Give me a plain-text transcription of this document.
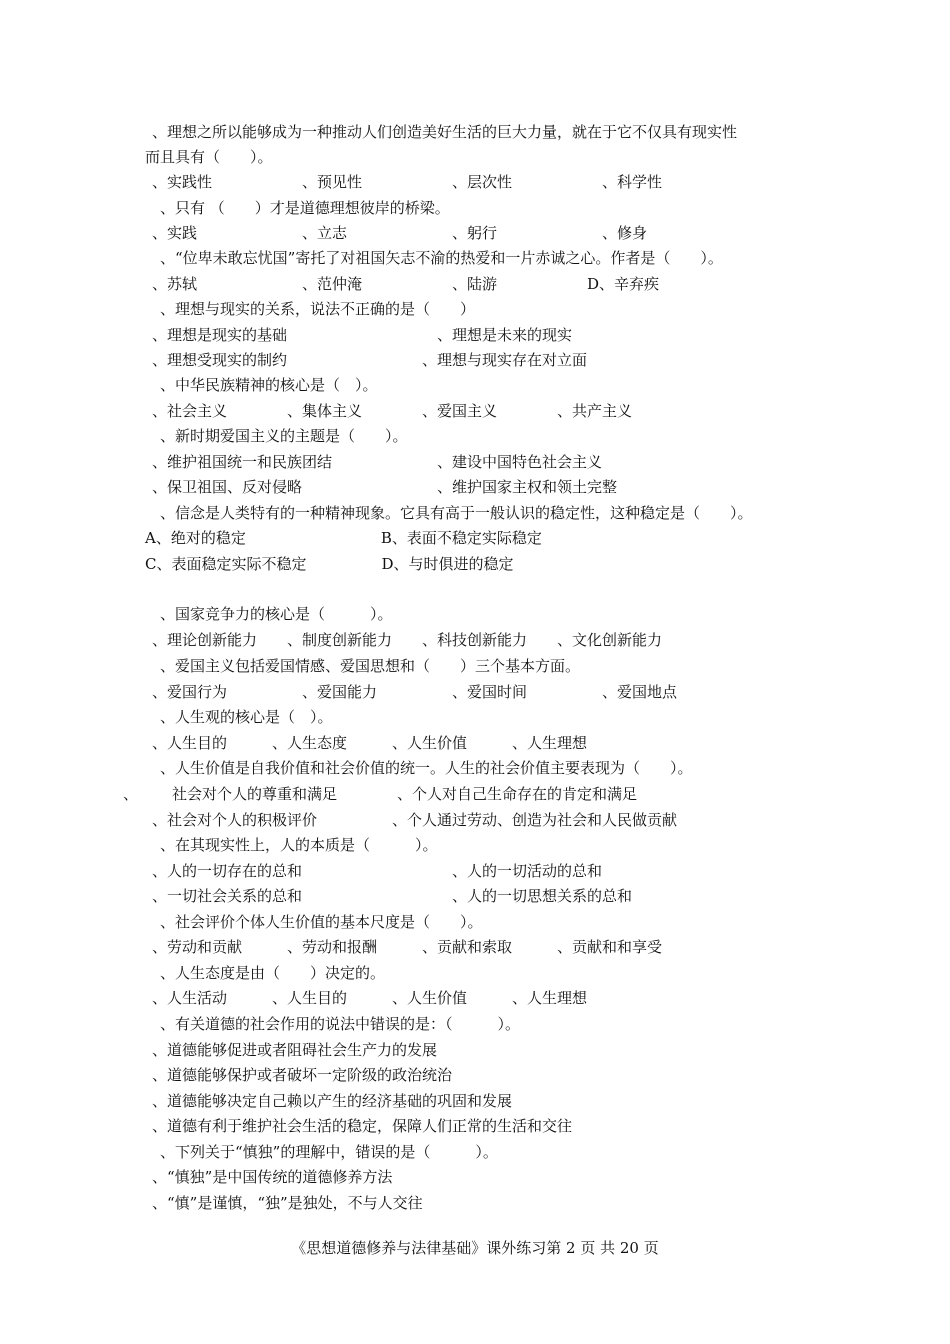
、理想之所以能够成为一种推动人们创造美好生活的巨大力量，就在于它不仅具有现实性
而且具有（　　）。
、实践性　　　　　　、预见性　　　　　　、层次性　　　　　　、科学性
、只有 （　　）才是道德理想彼岸的桥梁。
、实践　　　　　　　、立志　　　　　　　、躬行　　　　　　　、修身
、“位卑未敢忘忧国”寄托了对祖国矢志不渝的热爱和一片赤诚之心。作者是（　　）。
、苏轼　　　　　　　、范仲淹　　　　　　、陆游　　　　　　D、辛弃疾
、理想与现实的关系，说法不正确的是（　　）
、理想是现实的基础　　　　　　　　　　、理想是未来的现实
、理想受现实的制约　　　　　　　　　、理想与现实存在对立面
、中华民族精神的核心是（　）。
、社会主义　　　　、集体主义　　　　、爱国主义　　　　、共产主义
、新时期爱国主义的主题是（　　）。
、维护祖国统一和民族团结　　　　　　　、建设中国特色社会主义
、保卫祖国、反对侵略　　　　　　　　　、维护国家主权和领土完整
、信念是人类特有的一种精神现象。它具有高于一般认识的稳定性，这种稳定是（　　）。
A、绝对的稳定　　　　　　　　　B、表面不稳定实际稳定
C、表面稳定实际不稳定　　　　　D、与时俱进的稳定
、国家竞争力的核心是（　　　）。
、理论创新能力　　、制度创新能力　　、科技创新能力　　、文化创新能力
、爱国主义包括爱国情感、爱国思想和（　　）三个基本方面。
、爱国行为　　　　　、爱国能力　　　　　、爱国时间　　　　　、爱国地点
、人生观的核心是（　）。
、人生目的　　　、人生态度　　　、人生价值　　　、人生理想
、人生价值是自我价值和社会价值的统一。人生的社会价值主要表现为（　　）。
、 社会对个人的尊重和满足　　　　、个人对自己生命存在的肯定和满足
、社会对个人的积极评价　　　　　、个人通过劳动、创造为社会和人民做贡献
、在其现实性上，人的本质是（　　　）。
、人的一切存在的总和　　　　　　　　　　、人的一切活动的总和
、一切社会关系的总和　　　　　　　　　　、人的一切思想关系的总和
、社会评价个体人生价值的基本尺度是（　　）。
、劳动和贡献　　　、劳动和报酬　　　、贡献和索取　　　、贡献和和享受
、人生态度是由（　　）决定的。
、人生活动　　　、人生目的　　　、人生价值　　　、人生理想
、有关道德的社会作用的说法中错误的是：（　　　）。
、道德能够促进或者阻碍社会生产力的发展
、道德能够保护或者破坏一定阶级的政治统治
、道德能够决定自己赖以产生的经济基础的巩固和发展
、道德有利于维护社会生活的稳定，保障人们正常的生活和交往
、下列关于“慎独”的理解中，错误的是（　　　）。
、“慎独”是中国传统的道德修养方法
、“慎”是谨慎，“独”是独处，不与人交往
《思想道德修养与法律基础》课外练习第 2 页 共 20 页
